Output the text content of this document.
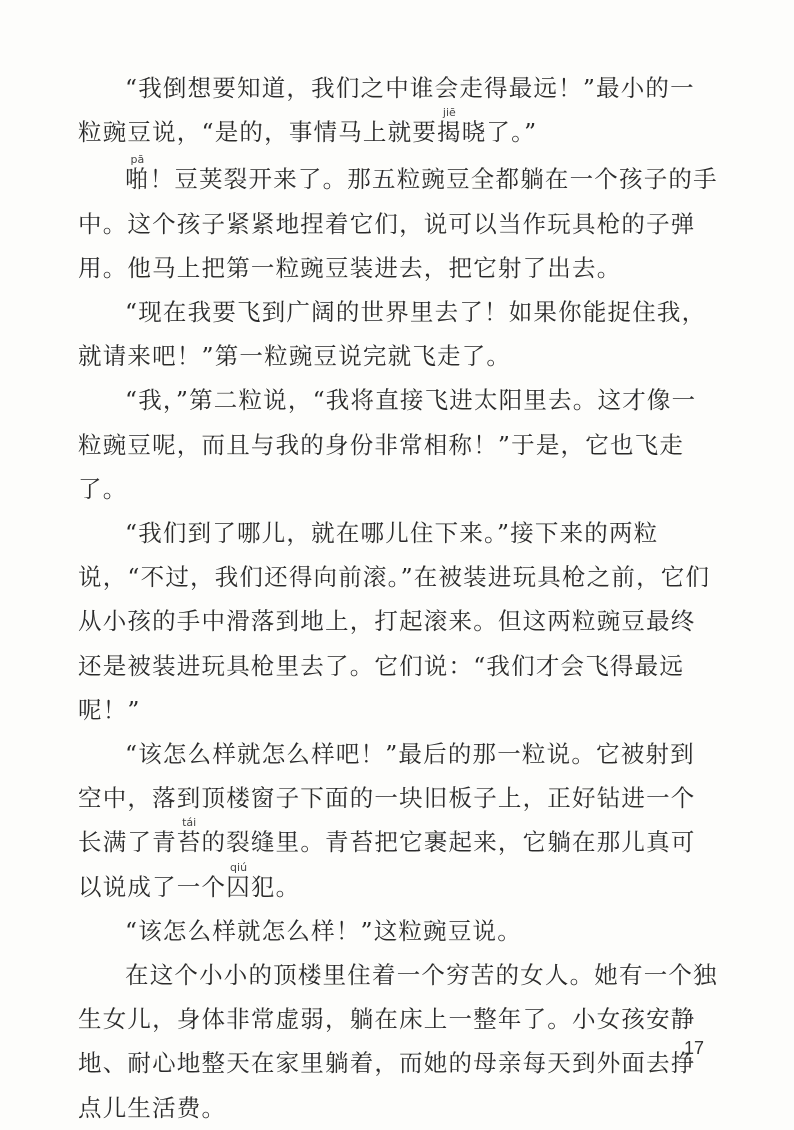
“我倒想要知道，我们之中谁会走得最远！”最小的一粒豌豆说，“是的，事情马上就要揭jiē晓了。”

啪pā！豆荚裂开来了。那五粒豌豆全都躺在一个孩子的手中。这个孩子紧紧地捏着它们，说可以当作玩具枪的子弹用。他马上把第一粒豌豆装进去，把它射了出去。

“现在我要飞到广阔的世界里去了！如果你能捉住我，就请来吧！”第一粒豌豆说完就飞走了。

“我，”第二粒说，“我将直接飞进太阳里去。这才像一粒豌豆呢，而且与我的身份非常相称！”于是，它也飞走了。

“我们到了哪儿，就在哪儿住下来。”接下来的两粒说，“不过，我们还得向前滚。”在被装进玩具枪之前，它们从小孩的手中滑落到地上，打起滚来。但这两粒豌豆最终还是被装进玩具枪里去了。它们说：“我们才会飞得最远呢！”

“该怎么样就怎么样吧！”最后的那一粒说。它被射到空中，落到顶楼窗子下面的一块旧板子上，正好钻进一个长满了青苔tái的裂缝里。青苔把它裹起来，它躺在那儿真可以说成了一个囚qiú犯。

“该怎么样就怎么样！”这粒豌豆说。

在这个小小的顶楼里住着一个穷苦的女人。她有一个独生女儿，身体非常虚弱，躺在床上一整年了。小女孩安静地、耐心地整天在家里躺着，而她的母亲每天到外面去挣点儿生活费。

17
